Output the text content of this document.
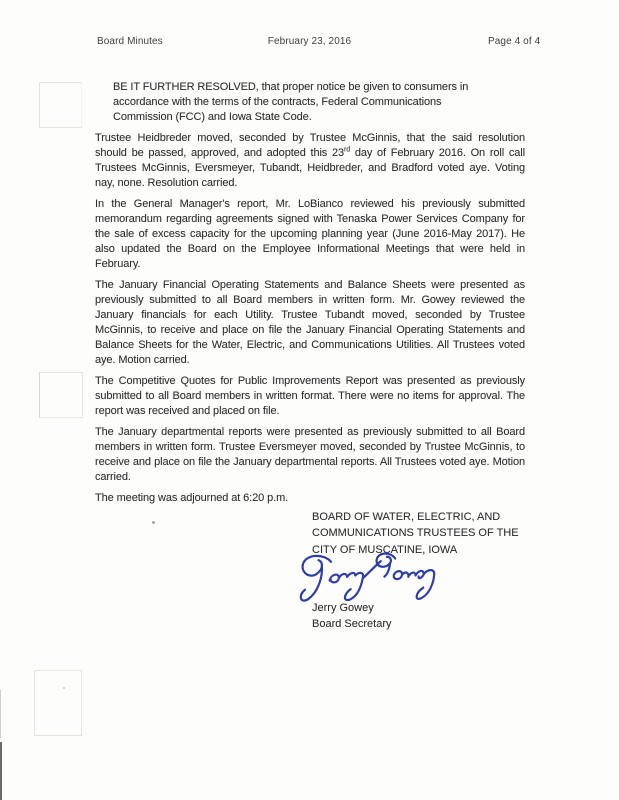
Board Minutes	February 23, 2016	Page 4 of 4

BE IT FURTHER RESOLVED, that proper notice be given to consumers in accordance with the terms of the contracts, Federal Communications Commission (FCC) and Iowa State Code.

Trustee Heidbreder moved, seconded by Trustee McGinnis, that the said resolution should be passed, approved, and adopted this 23rd day of February 2016. On roll call Trustees McGinnis, Eversmeyer, Tubandt, Heidbreder, and Bradford voted aye. Voting nay, none. Resolution carried.

In the General Manager's report, Mr. LoBianco reviewed his previously submitted memorandum regarding agreements signed with Tenaska Power Services Company for the sale of excess capacity for the upcoming planning year (June 2016-May 2017). He also updated the Board on the Employee Informational Meetings that were held in February.

The January Financial Operating Statements and Balance Sheets were presented as previously submitted to all Board members in written form. Mr. Gowey reviewed the January financials for each Utility. Trustee Tubandt moved, seconded by Trustee McGinnis, to receive and place on file the January Financial Operating Statements and Balance Sheets for the Water, Electric, and Communications Utilities. All Trustees voted aye. Motion carried.

The Competitive Quotes for Public Improvements Report was presented as previously submitted to all Board members in written format. There were no items for approval. The report was received and placed on file.

The January departmental reports were presented as previously submitted to all Board members in written form. Trustee Eversmeyer moved, seconded by Trustee McGinnis, to receive and place on file the January departmental reports. All Trustees voted aye. Motion carried.

The meeting was adjourned at 6:20 p.m.

BOARD OF WATER, ELECTRIC, AND
COMMUNICATIONS TRUSTEES OF THE
CITY OF MUSCATINE, IOWA
Jerry Gowey
Board Secretary
